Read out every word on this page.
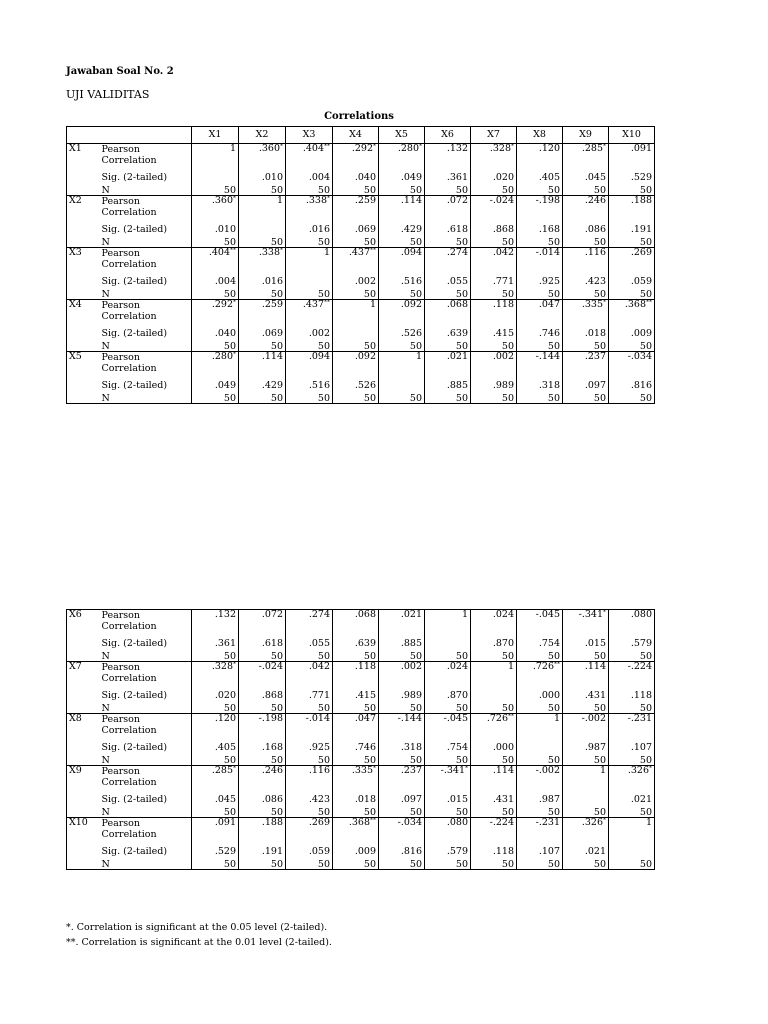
Jawaban Soal No. 2
UJI VALIDITAS
Correlations
		X1	X2	X3	X4	X5	X6	X7	X8	X9	X10
X1	Pearson Correlation	1	.360*	.404**	.292*	.280*	.132	.328*	.120	.285*	.091
	Sig. (2-tailed)		.010	.004	.040	.049	.361	.020	.405	.045	.529
	N	50	50	50	50	50	50	50	50	50	50
X2	Pearson Correlation	.360*	1	.338*	.259	.114	.072	-.024	-.198	.246	.188
	Sig. (2-tailed)	.010		.016	.069	.429	.618	.868	.168	.086	.191
	N	50	50	50	50	50	50	50	50	50	50
X3	Pearson Correlation	.404**	.338*	1	.437**	.094	.274	.042	-.014	.116	.269
	Sig. (2-tailed)	.004	.016		.002	.516	.055	.771	.925	.423	.059
	N	50	50	50	50	50	50	50	50	50	50
X4	Pearson Correlation	.292*	.259	.437**	1	.092	.068	.118	.047	.335*	.368**
	Sig. (2-tailed)	.040	.069	.002		.526	.639	.415	.746	.018	.009
	N	50	50	50	50	50	50	50	50	50	50
X5	Pearson Correlation	.280*	.114	.094	.092	1	.021	.002	-.144	.237	-.034
	Sig. (2-tailed)	.049	.429	.516	.526		.885	.989	.318	.097	.816
	N	50	50	50	50	50	50	50	50	50	50
X6	Pearson Correlation	.132	.072	.274	.068	.021	1	.024	-.045	-.341*	.080
	Sig. (2-tailed)	.361	.618	.055	.639	.885		.870	.754	.015	.579
	N	50	50	50	50	50	50	50	50	50	50
X7	Pearson Correlation	.328*	-.024	.042	.118	.002	.024	1	.726**	.114	-.224
	Sig. (2-tailed)	.020	.868	.771	.415	.989	.870		.000	.431	.118
	N	50	50	50	50	50	50	50	50	50	50
X8	Pearson Correlation	.120	-.198	-.014	.047	-.144	-.045	.726**	1	-.002	-.231
	Sig. (2-tailed)	.405	.168	.925	.746	.318	.754	.000		.987	.107
	N	50	50	50	50	50	50	50	50	50	50
X9	Pearson Correlation	.285*	.246	.116	.335*	.237	-.341*	.114	-.002	1	.326*
	Sig. (2-tailed)	.045	.086	.423	.018	.097	.015	.431	.987		.021
	N	50	50	50	50	50	50	50	50	50	50
X10	Pearson Correlation	.091	.188	.269	.368**	-.034	.080	-.224	-.231	.326*	1
	Sig. (2-tailed)	.529	.191	.059	.009	.816	.579	.118	.107	.021	
	N	50	50	50	50	50	50	50	50	50	50
*. Correlation is significant at the 0.05 level (2-tailed).
**. Correlation is significant at the 0.01 level (2-tailed).
